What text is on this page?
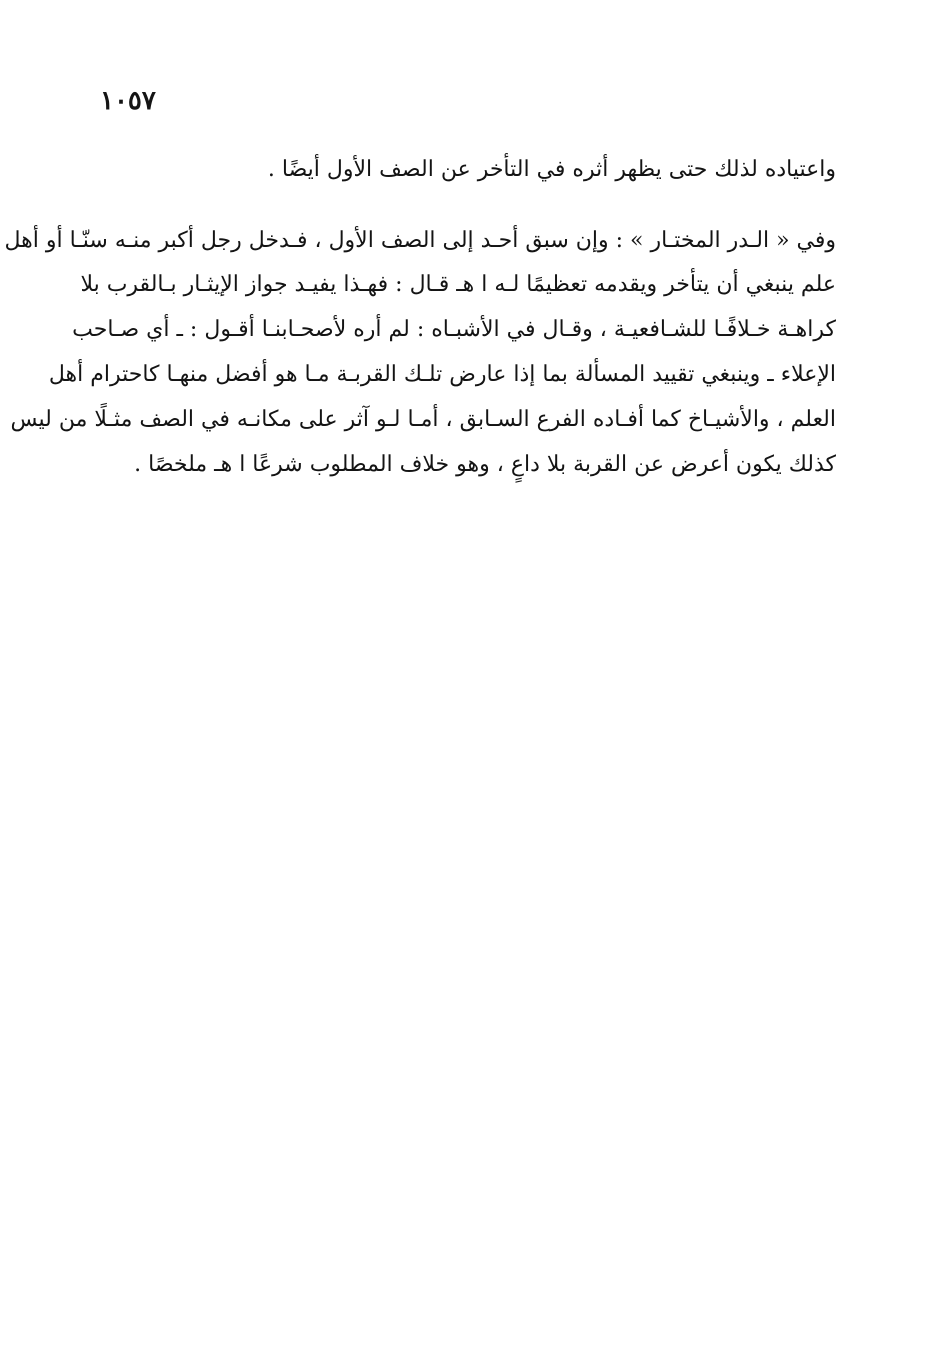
١٠٥٧
واعتياده لذلك حتى يظهر أثره في التأخر عن الصف الأول أيضًا .
وفي « الـدر المختـار » : وإن سبق أحـد إلى الصف الأول ، فـدخل رجل أكبر منـه سنّـا أو أهل
علم ينبغي أن يتأخر ويقدمه تعظيمًا لـه ا هـ قـال : فهـذا يفيـد جواز الإيثـار بـالقرب بلا
كراهـة خـلافًـا للشـافعيـة ، وقـال في الأشبـاه : لم أره لأصحـابنـا أقـول : ـ أي صـاحب
الإعلاء ـ وينبغي تقييد المسألة بما إذا عارض تلـك القربـة مـا هو أفضل منهـا كاحترام أهل
العلم ، والأشيـاخ كما أفـاده الفرع السـابق ، أمـا لـو آثر على مكانـه في الصف مثـلًا من ليس
كذلك يكون أعرض عن القربة بلا داعٍ ، وهو خلاف المطلوب شرعًا ا هـ ملخصًا .
